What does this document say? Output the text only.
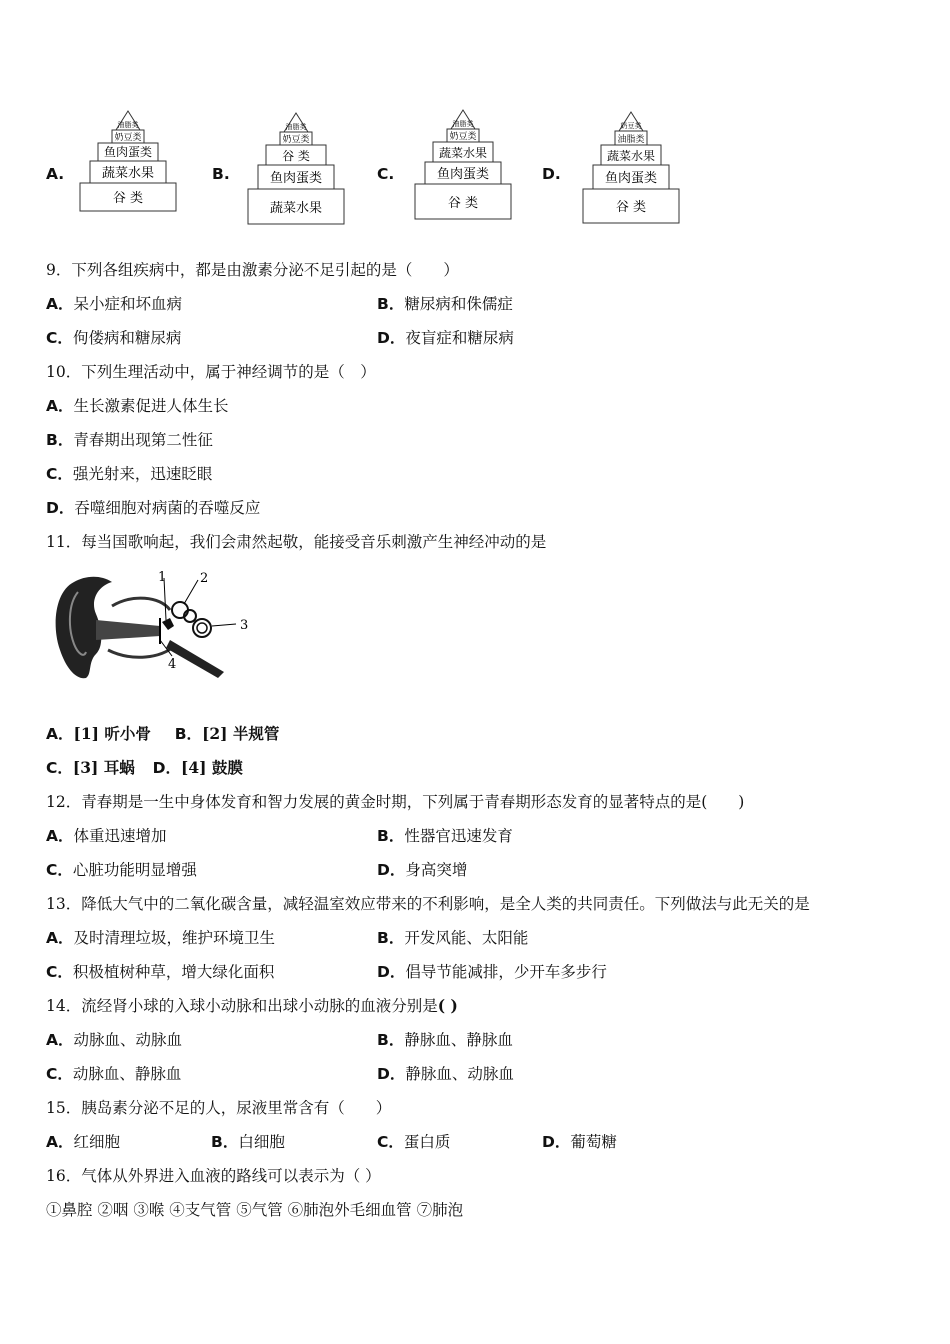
A.
油脂类
奶豆类
鱼肉蛋类
蔬菜水果
谷 类
B.
油脂类
奶豆类
谷 类
鱼肉蛋类
蔬菜水果
C.
油脂类
奶豆类
蔬菜水果
鱼肉蛋类
谷 类
D.
奶豆类
油脂类
蔬菜水果
鱼肉蛋类
谷 类
9．下列各组疾病中，都是由激素分泌不足引起的是（　　）
A．呆小症和坏血病	B．糖尿病和侏儒症
C．佝偻病和糖尿病	D．夜盲症和糖尿病
10．下列生理活动中，属于神经调节的是（　）
A．生长激素促进人体生长
B．青春期出现第二性征
C．强光射来，迅速眨眼
D．吞噬细胞对病菌的吞噬反应
11．每当国歌响起，我们会肃然起敬，能接受音乐刺激产生神经冲动的是
1	2
3
4
A．[1] 听小骨 B．[2] 半规管
C．[3] 耳蜗 D．[4] 鼓膜
12．青春期是一生中身体发育和智力发展的黄金时期，下列属于青春期形态发育的显著特点的是(　　)
A．体重迅速增加	B．性器官迅速发育
C．心脏功能明显增强	D．身高突增
13．降低大气中的二氧化碳含量，减轻温室效应带来的不利影响，是全人类的共同责任。下列做法与此无关的是
A．及时清理垃圾，维护环境卫生	B．开发风能、太阳能
C．积极植树种草，增大绿化面积	D．倡导节能减排，少开车多步行
14．流经肾小球的入球小动脉和出球小动脉的血液分别是( )
A．动脉血、动脉血	B．静脉血、静脉血
C．动脉血、静脉血	D．静脉血、动脉血
15．胰岛素分泌不足的人，尿液里常含有（　　）
A．红细胞	B．白细胞	C．蛋白质	D．葡萄糖
16．气体从外界进入血液的路线可以表示为（ ）
①鼻腔 ②咽 ③喉 ④支气管 ⑤气管 ⑥肺泡外毛细血管 ⑦肺泡
